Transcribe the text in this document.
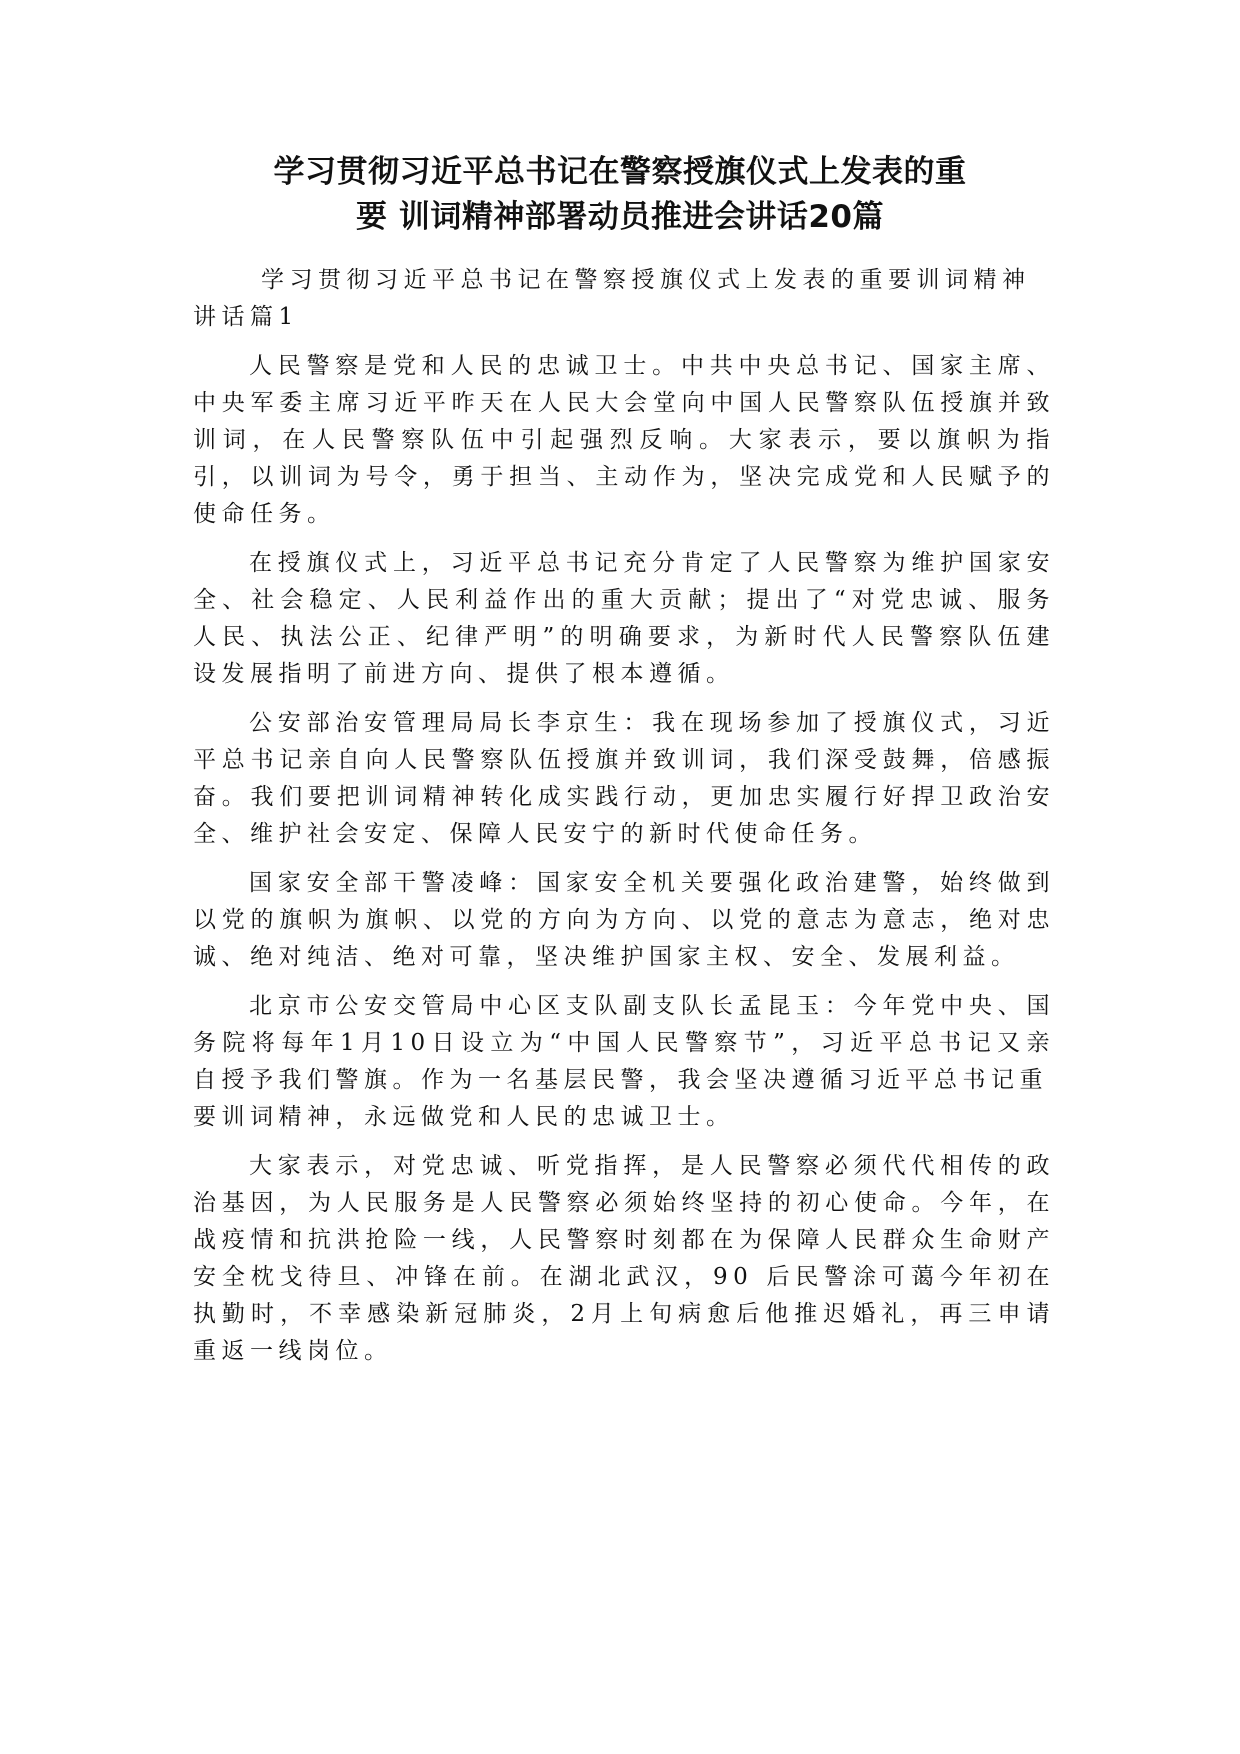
学习贯彻习近平总书记在警察授旗仪式上发表的重
要 训词精神部署动员推进会讲话20篇

学习贯彻习近平总书记在警察授旗仪式上发表的重要训词精神讲话篇1

人民警察是党和人民的忠诚卫士。中共中央总书记、国家主席、中央军委主席习近平昨天在人民大会堂向中国人民警察队伍授旗并致训词，在人民警察队伍中引起强烈反响。大家表示，要以旗帜为指引，以训词为号令，勇于担当、主动作为，坚决完成党和人民赋予的使命任务。

在授旗仪式上，习近平总书记充分肯定了人民警察为维护国家安全、社会稳定、人民利益作出的重大贡献；提出了“对党忠诚、服务人民、执法公正、纪律严明”的明确要求，为新时代人民警察队伍建设发展指明了前进方向、提供了根本遵循。

公安部治安管理局局长李京生：我在现场参加了授旗仪式，习近平总书记亲自向人民警察队伍授旗并致训词，我们深受鼓舞，倍感振奋。我们要把训词精神转化成实践行动，更加忠实履行好捍卫政治安全、维护社会安定、保障人民安宁的新时代使命任务。

国家安全部干警凌峰：国家安全机关要强化政治建警，始终做到以党的旗帜为旗帜、以党的方向为方向、以党的意志为意志，绝对忠诚、绝对纯洁、绝对可靠，坚决维护国家主权、安全、发展利益。

北京市公安交管局中心区支队副支队长孟昆玉：今年党中央、国务院将每年1月10日设立为“中国人民警察节”，习近平总书记又亲 自授予我们警旗。作为一名基层民警，我会坚决遵循习近平总书记重

要训词精神，永远做党和人民的忠诚卫士。

大家表示，对党忠诚、听党指挥，是人民警察必须代代相传的政治基因，为人民服务是人民警察必须始终坚持的初心使命。今年，在战疫情和抗洪抢险一线，人民警察时刻都在为保障人民群众生命财产安全枕戈待旦、冲锋在前。在湖北武汉，90 后民警涂可蔼今年初在执勤时，不幸感染新冠肺炎，2月上旬病愈后他推迟婚礼，再三申请 重返一线岗位。
